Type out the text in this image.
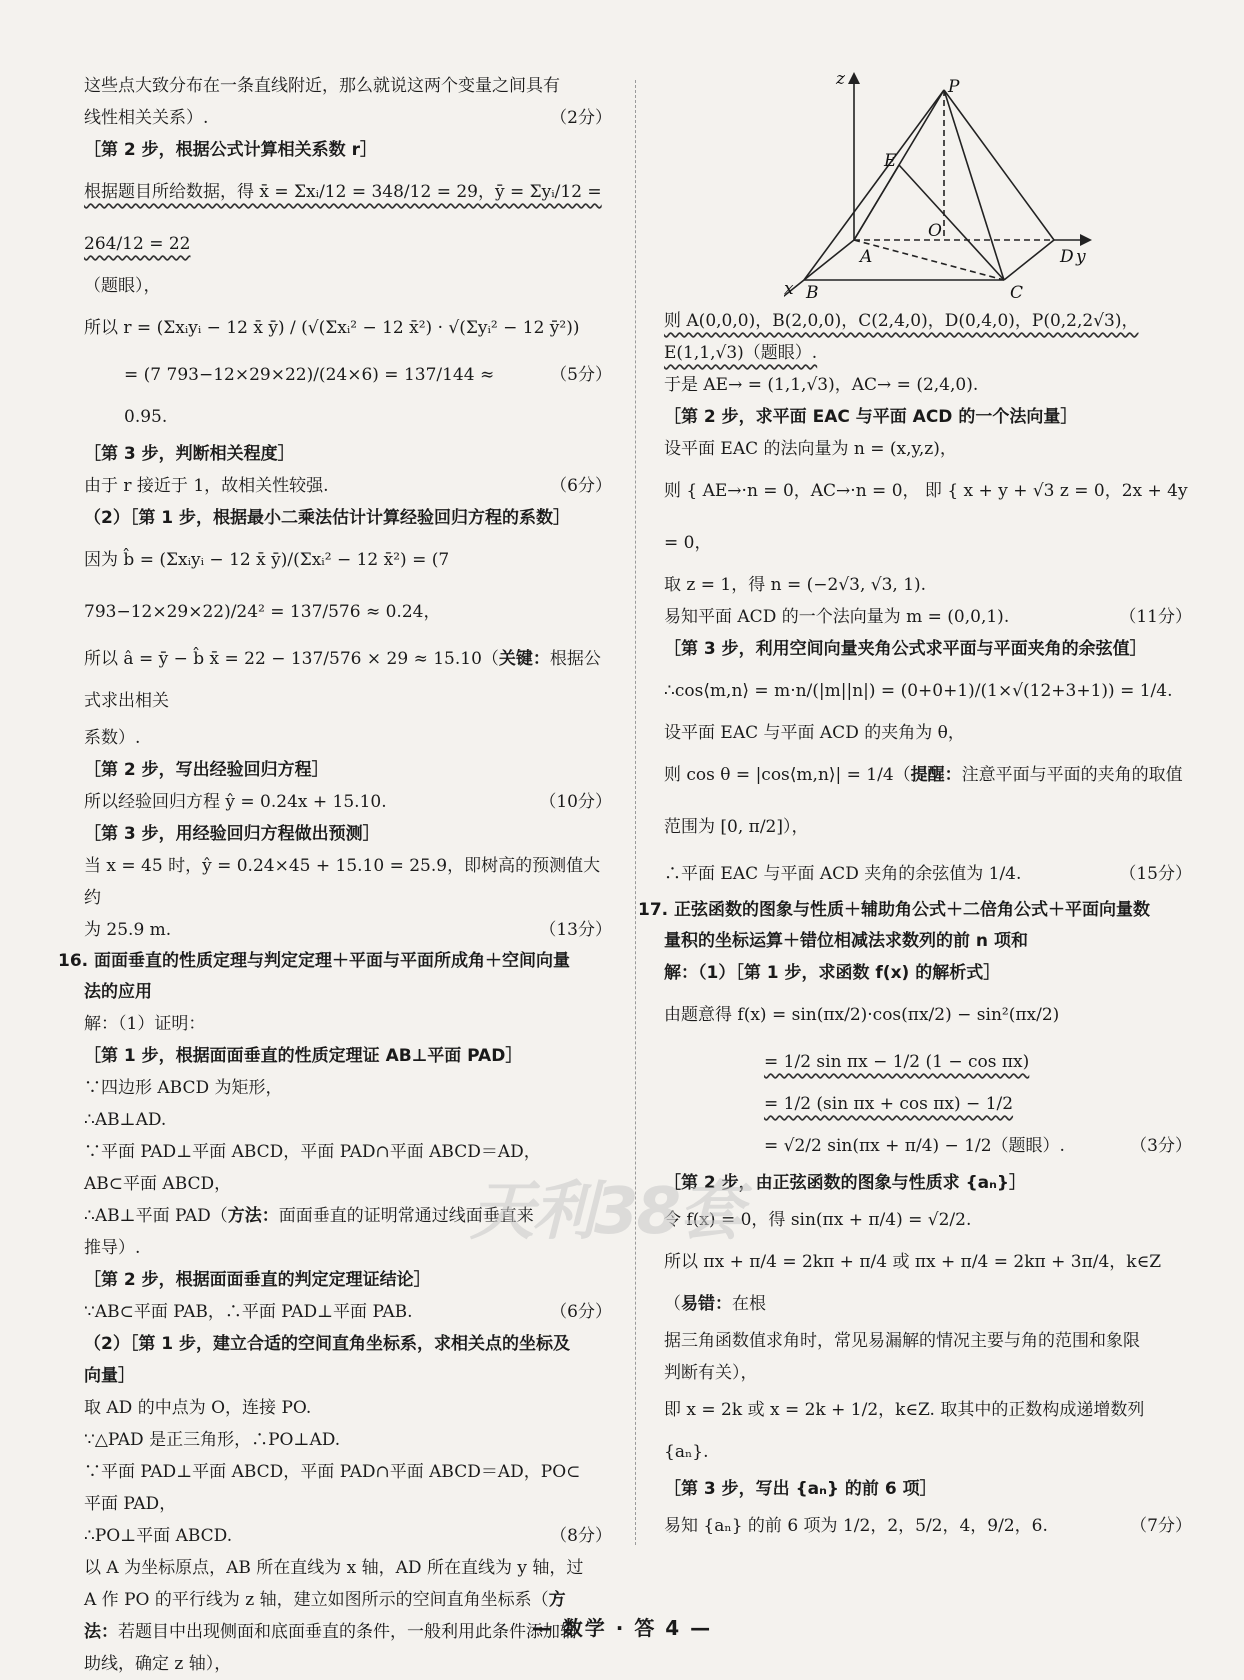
这些点大致分布在一条直线附近，那么就说这两个变量之间具有

线性相关关系）.	（2分）

［第 2 步，根据公式计算相关系数 r］

根据题目所给数据，得 x̄ = Σxᵢ/12 = 348/12 = 29，ȳ = Σyᵢ/12 = 264/12 = 22

（题眼），

所以 r = (Σxᵢyᵢ − 12 x̄ ȳ) / (√(Σxᵢ² − 12 x̄²) · √(Σyᵢ² − 12 ȳ²))

= (7 793−12×29×22)/(24×6) = 137/144 ≈ 0.95.
（5分）

［第 3 步，判断相关程度］

由于 r 接近于 1，故相关性较强.	（6分）

（2）［第 1 步，根据最小二乘法估计计算经验回归方程的系数］

因为 b̂ = (Σxᵢyᵢ − 12 x̄ ȳ)/(Σxᵢ² − 12 x̄²) = (7 793−12×29×22)/24² = 137/576 ≈ 0.24，

所以 â = ȳ − b̂ x̄ = 22 − 137/576 × 29 ≈ 15.10（关键：根据公式求出相关

系数）.

［第 2 步，写出经验回归方程］

所以经验回归方程 ŷ = 0.24x + 15.10.	（10分）

［第 3 步，用经验回归方程做出预测］

当 x = 45 时，ŷ = 0.24×45 + 15.10 = 25.9，即树高的预测值大约

为 25.9 m.	（13分）

16. 面面垂直的性质定理与判定定理＋平面与平面所成角＋空间向量

法的应用

解：（1）证明：

［第 1 步，根据面面垂直的性质定理证 AB⊥平面 PAD］

∵四边形 ABCD 为矩形，

∴AB⊥AD.

∵平面 PAD⊥平面 ABCD，平面 PAD∩平面 ABCD＝AD，

AB⊂平面 ABCD，

∴AB⊥平面 PAD（方法：面面垂直的证明常通过线面垂直来

推导）.

［第 2 步，根据面面垂直的判定定理证结论］

∵AB⊂平面 PAB，∴平面 PAD⊥平面 PAB.	（6分）

（2）［第 1 步，建立合适的空间直角坐标系，求相关点的坐标及

向量］

取 AD 的中点为 O，连接 PO.

∵△PAD 是正三角形，∴PO⊥AD.

∵平面 PAD⊥平面 ABCD，平面 PAD∩平面 ABCD＝AD，PO⊂

平面 PAD，

∴PO⊥平面 ABCD.	（8分）

以 A 为坐标原点，AB 所在直线为 x 轴，AD 所在直线为 y 轴，过

A 作 PO 的平行线为 z 轴，建立如图所示的空间直角坐标系（方

法：若题目中出现侧面和底面垂直的条件，一般利用此条件添加辅

助线，确定 z 轴），

z	P
E
O
A	D y
B	C
x

则 A(0,0,0)，B(2,0,0)，C(2,4,0)，D(0,4,0)，P(0,2,2√3)，

E(1,1,√3)（题眼）.

于是 AE→ = (1,1,√3)，AC→ = (2,4,0).

［第 2 步，求平面 EAC 与平面 ACD 的一个法向量］

设平面 EAC 的法向量为 n = (x,y,z)，

则 { AE→·n = 0，AC→·n = 0， 即 { x + y + √3 z = 0，2x + 4y = 0，

取 z = 1，得 n = (−2√3, √3, 1).

易知平面 ACD 的一个法向量为 m = (0,0,1).	（11分）

［第 3 步，利用空间向量夹角公式求平面与平面夹角的余弦值］

∴cos⟨m,n⟩ = m·n/(|m||n|) = (0+0+1)/(1×√(12+3+1)) = 1/4.

设平面 EAC 与平面 ACD 的夹角为 θ，

则 cos θ = |cos⟨m,n⟩| = 1/4（提醒：注意平面与平面的夹角的取值

范围为 [0, π/2]），

∴平面 EAC 与平面 ACD 夹角的余弦值为 1/4.	（15分）

17. 正弦函数的图象与性质＋辅助角公式＋二倍角公式＋平面向量数

量积的坐标运算＋错位相减法求数列的前 n 项和

解：（1）［第 1 步，求函数 f(x) 的解析式］

由题意得 f(x) = sin(πx/2)·cos(πx/2) − sin²(πx/2)

= 1/2 sin πx − 1/2 (1 − cos πx)

= 1/2 (sin πx + cos πx) − 1/2

= √2/2 sin(πx + π/4) − 1/2（题眼）.	（3分）

［第 2 步，由正弦函数的图象与性质求 {aₙ}］

令 f(x) = 0，得 sin(πx + π/4) = √2/2.

所以 πx + π/4 = 2kπ + π/4 或 πx + π/4 = 2kπ + 3π/4，k∈Z（易错：在根

据三角函数值求角时，常见易漏解的情况主要与角的范围和象限

判断有关），

即 x = 2k 或 x = 2k + 1/2，k∈Z. 取其中的正数构成递增数列 {aₙ}.

［第 3 步，写出 {aₙ} 的前 6 项］

易知 {aₙ} 的前 6 项为 1/2，2，5/2，4，9/2，6.	（7分）
天利38套
— 数学 · 答 4 —
